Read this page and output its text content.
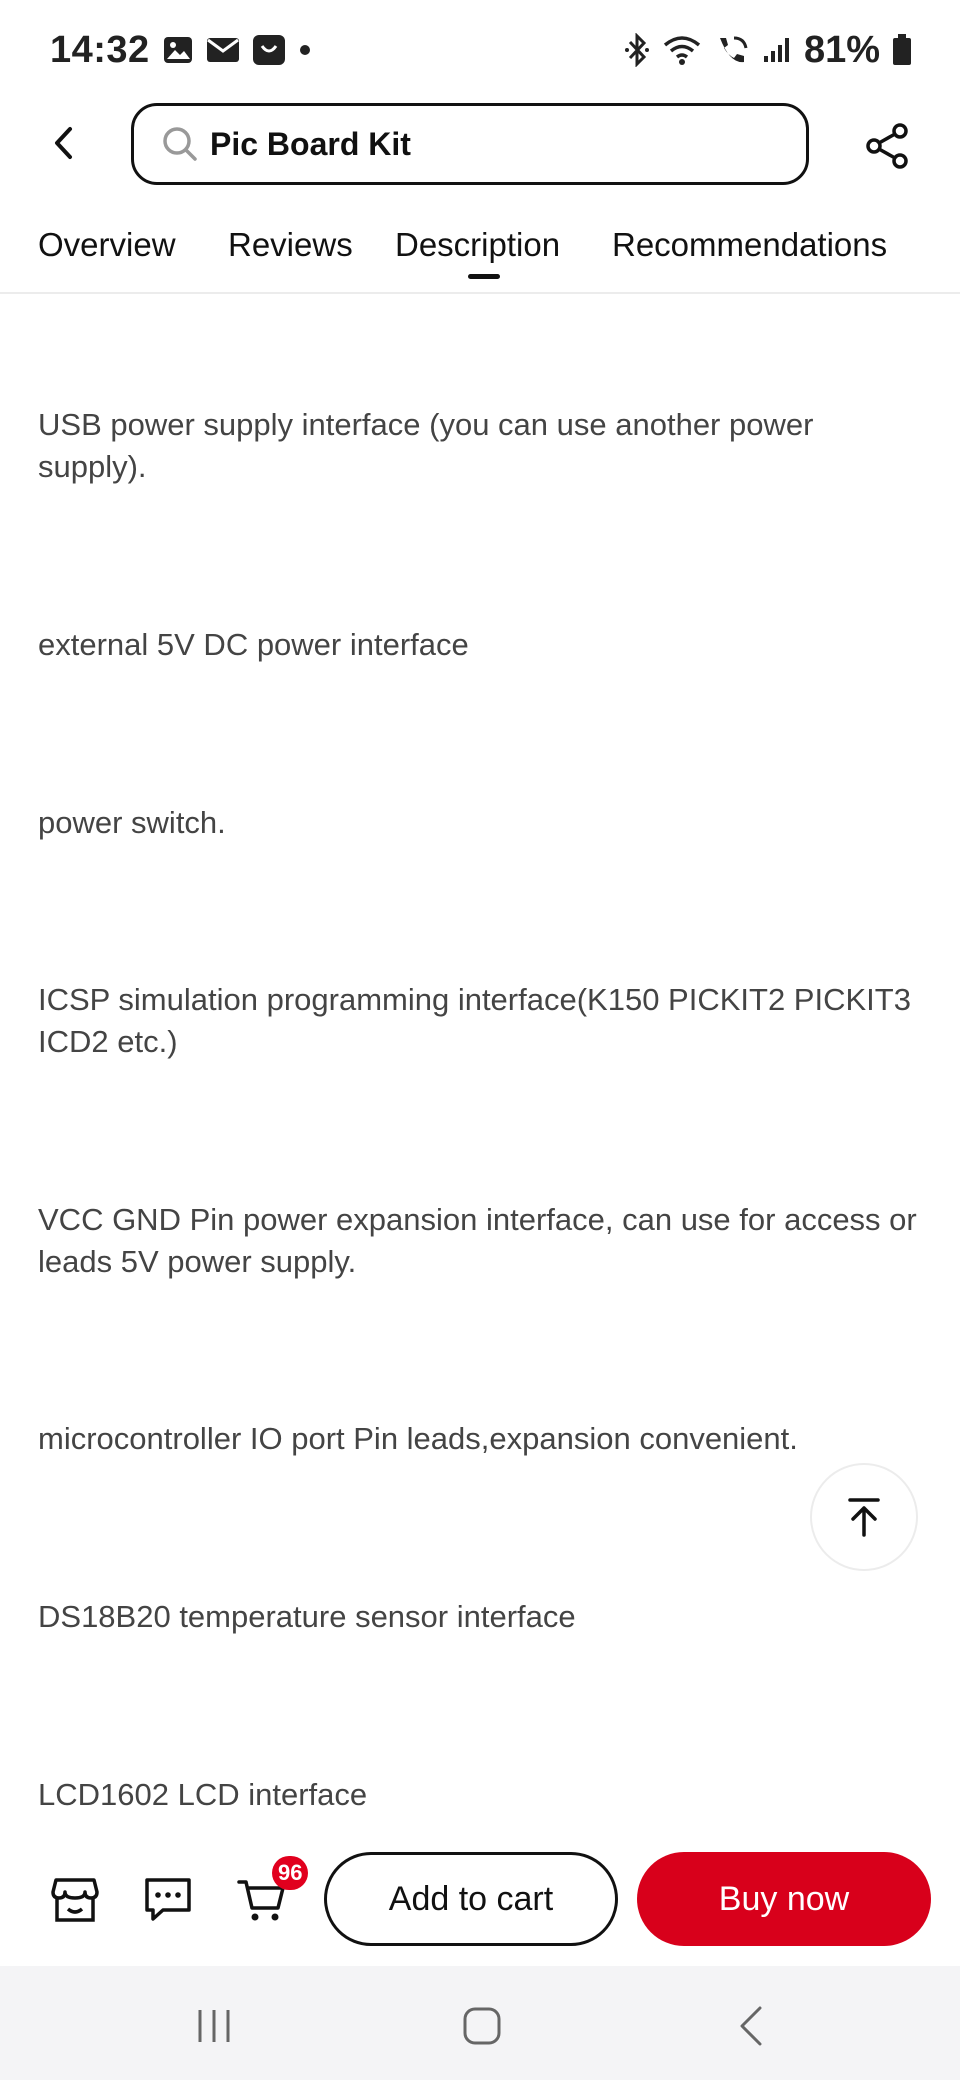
14:32	81%
Pic Board Kit
Overview Reviews Description Recommendations

USB power supply interface (you can use another power supply).

external 5V DC power interface

power switch.

ICSP simulation programming interface(K150 PICKIT2 PICKIT3 ICD2 etc.)

VCC GND Pin power expansion interface, can use for access or leads 5V power supply.

microcontroller IO port Pin leads,expansion convenient.

DS18B20 temperature sensor interface

LCD1602 LCD interface

96
Add to cart	Buy now
